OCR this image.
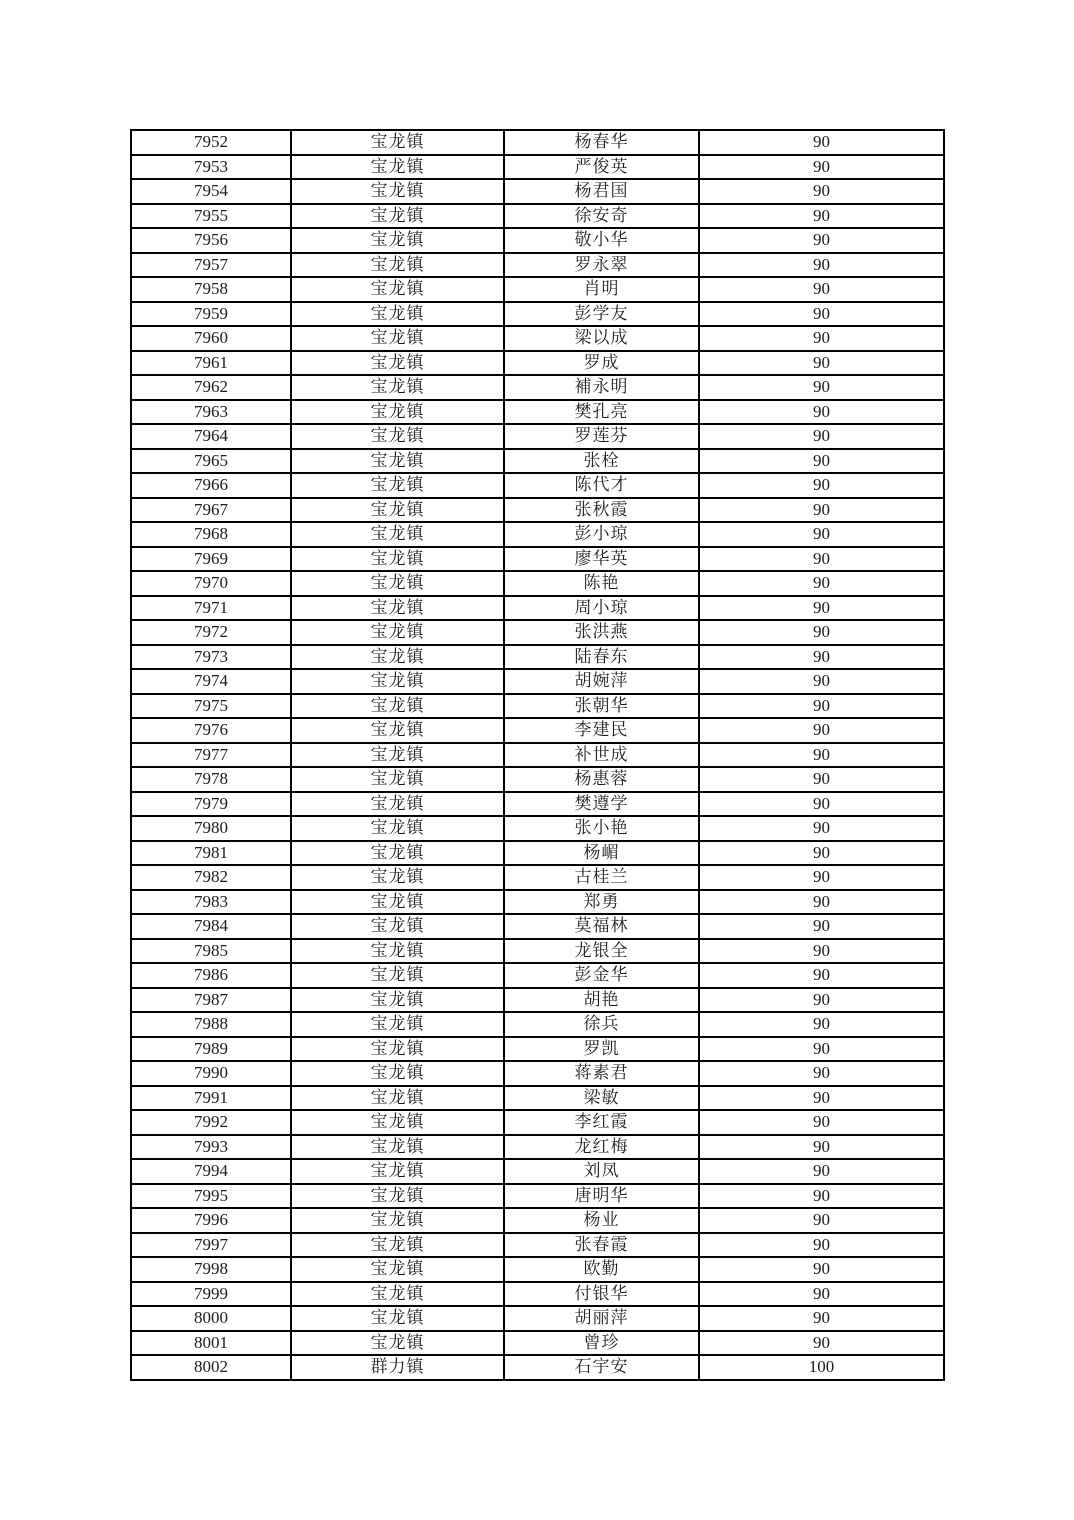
7952	宝龙镇	杨春华	90
7953	宝龙镇	严俊英	90
7954	宝龙镇	杨君国	90
7955	宝龙镇	徐安奇	90
7956	宝龙镇	敬小华	90
7957	宝龙镇	罗永翠	90
7958	宝龙镇	肖明	90
7959	宝龙镇	彭学友	90
7960	宝龙镇	梁以成	90
7961	宝龙镇	罗成	90
7962	宝龙镇	補永明	90
7963	宝龙镇	樊孔亮	90
7964	宝龙镇	罗莲芬	90
7965	宝龙镇	张栓	90
7966	宝龙镇	陈代才	90
7967	宝龙镇	张秋霞	90
7968	宝龙镇	彭小琼	90
7969	宝龙镇	廖华英	90
7970	宝龙镇	陈艳	90
7971	宝龙镇	周小琼	90
7972	宝龙镇	张洪燕	90
7973	宝龙镇	陆春东	90
7974	宝龙镇	胡婉萍	90
7975	宝龙镇	张朝华	90
7976	宝龙镇	李建民	90
7977	宝龙镇	补世成	90
7978	宝龙镇	杨惠蓉	90
7979	宝龙镇	樊遵学	90
7980	宝龙镇	张小艳	90
7981	宝龙镇	杨嵋	90
7982	宝龙镇	古桂兰	90
7983	宝龙镇	郑勇	90
7984	宝龙镇	莫福林	90
7985	宝龙镇	龙银全	90
7986	宝龙镇	彭金华	90
7987	宝龙镇	胡艳	90
7988	宝龙镇	徐兵	90
7989	宝龙镇	罗凯	90
7990	宝龙镇	蒋素君	90
7991	宝龙镇	梁敏	90
7992	宝龙镇	李红霞	90
7993	宝龙镇	龙红梅	90
7994	宝龙镇	刘凤	90
7995	宝龙镇	唐明华	90
7996	宝龙镇	杨业	90
7997	宝龙镇	张春霞	90
7998	宝龙镇	欧勤	90
7999	宝龙镇	付银华	90
8000	宝龙镇	胡丽萍	90
8001	宝龙镇	曾珍	90
8002	群力镇	石宇安	100
